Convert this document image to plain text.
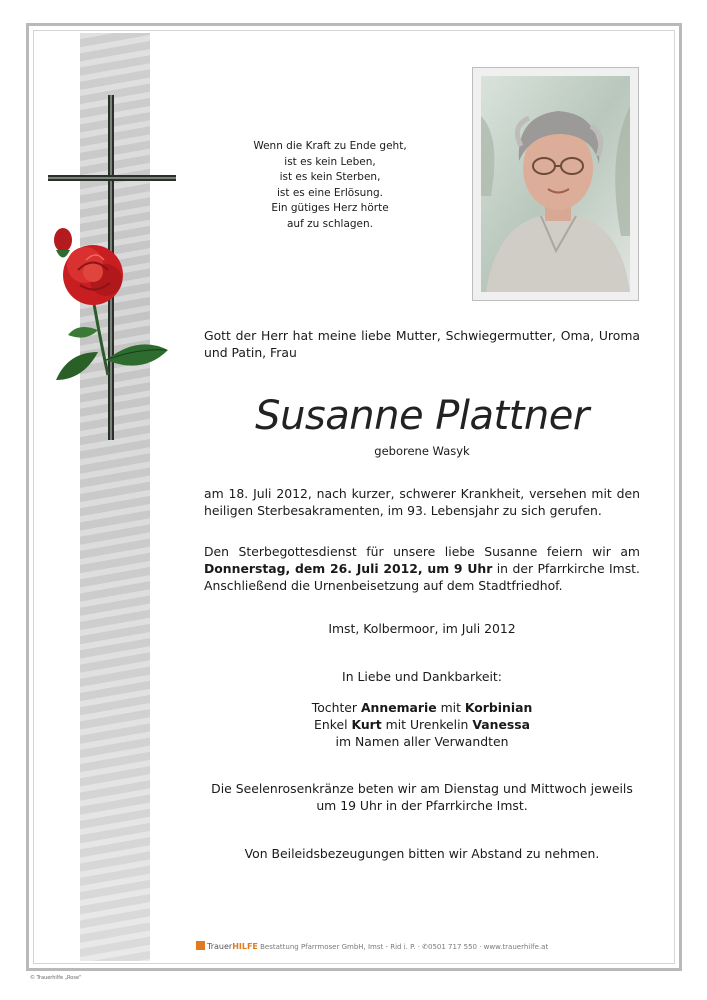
Wenn die Kraft zu Ende geht,
ist es kein Leben,
ist es kein Sterben,
ist es eine Erlösung.
Ein gütiges Herz hörte
auf zu schlagen.
Gott der Herr hat meine liebe Mutter, Schwiegermutter, Oma, Uroma und Patin, Frau
Susanne Plattner
geborene Wasyk
am 18. Juli 2012, nach kurzer, schwerer Krankheit, versehen mit den heiligen Sterbesakramenten, im 93. Lebensjahr zu sich gerufen.
Den Sterbegottesdienst für unsere liebe Susanne feiern wir am Donnerstag, dem 26. Juli 2012, um 9 Uhr in der Pfarrkirche Imst. Anschließend die Urnenbeisetzung auf dem Stadtfriedhof.
Imst, Kolbermoor, im Juli 2012
In Liebe und Dankbarkeit:
Tochter Annemarie mit Korbinian
Enkel Kurt mit Urenkelin Vanessa
im Namen aller Verwandten
Die Seelenrosenkränze beten wir am Dienstag und Mittwoch jeweils
um 19 Uhr in der Pfarrkirche Imst.
Von Beileidsbezeugungen bitten wir Abstand zu nehmen.
TrauerHILFE Bestattung Pfarrmoser GmbH, Imst - Rid i. P. · ✆0501 717 550 · www.trauerhilfe.at
© Trauerhilfe „Rose“
